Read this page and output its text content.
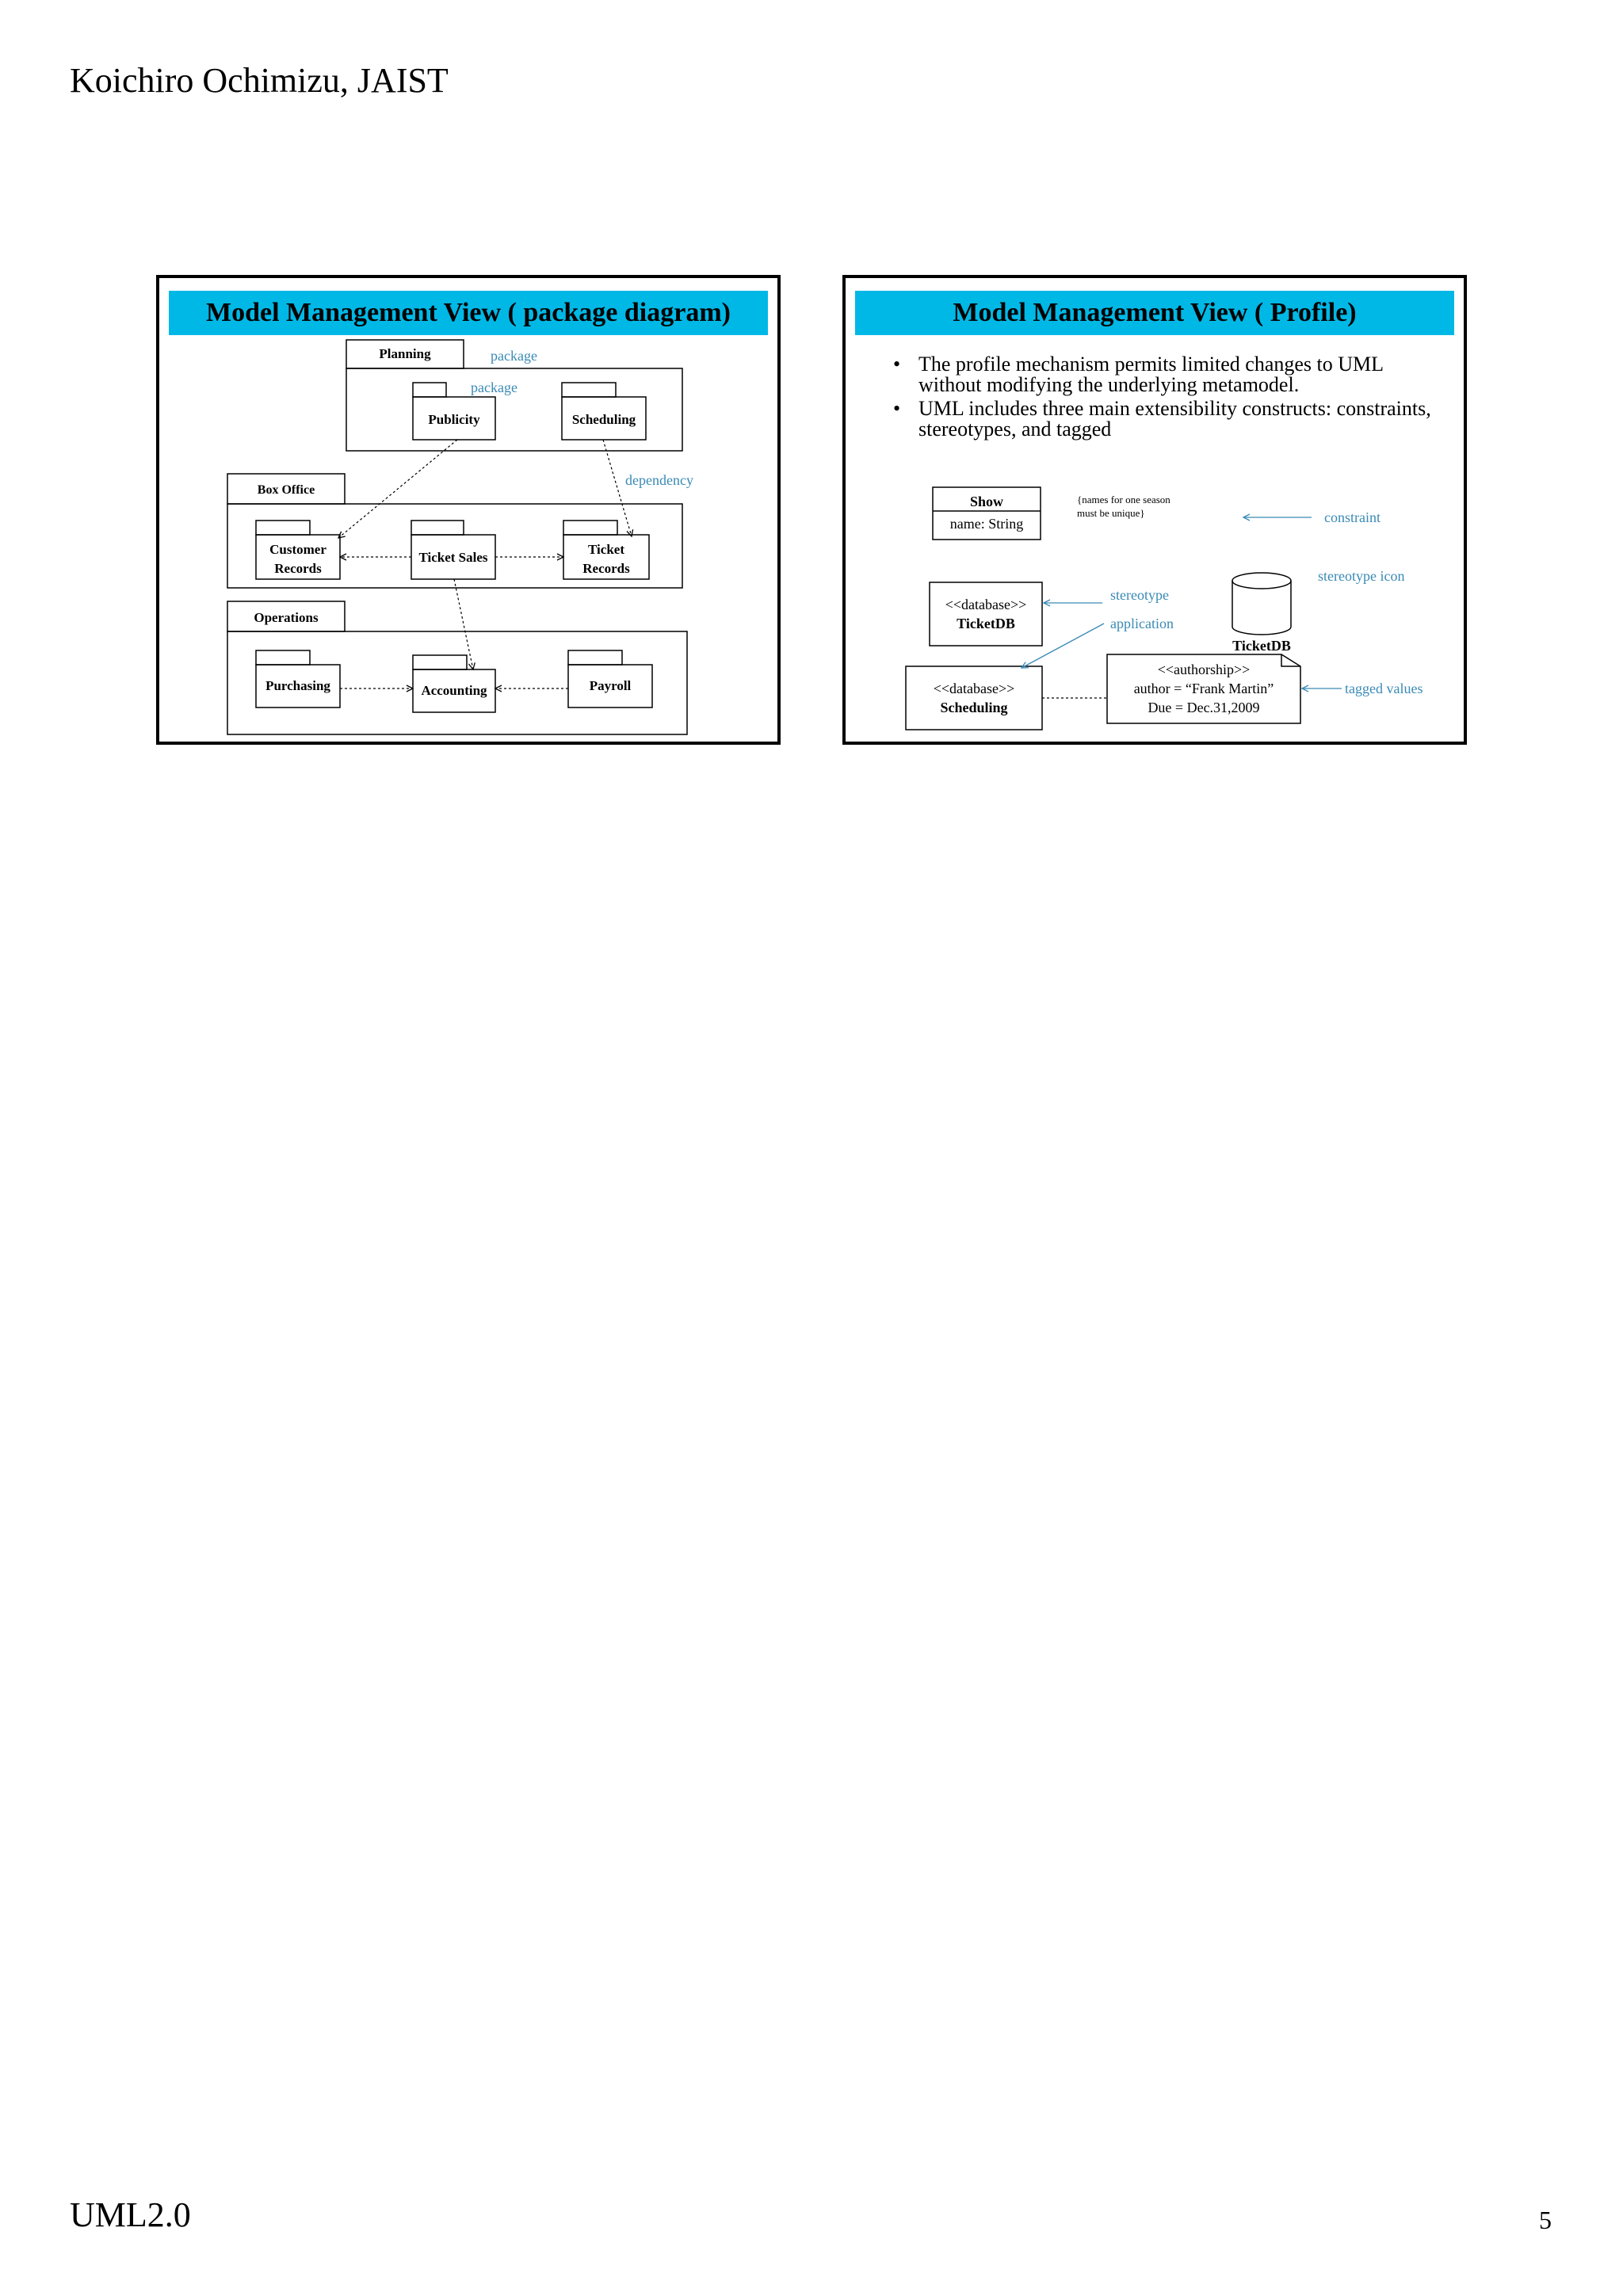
Koichiro Ochimizu, JAIST
Model Management View ( package diagram)
Planning
Publicity	Scheduling
Box Office
Customer
Records
Ticket Sales
Ticket
Records
Operations
Purchasing	Accounting	Payroll
package
package
dependency
Model Management View ( Profile)
• The profile mechanism permits limited changes to UML without modifying the underlying metamodel.
• UML includes three main extensibility constructs: constraints, stereotypes, and tagged
Show
name: String
<<database>>
TicketDB
<<database>>
Scheduling
TicketDB
<<authorship>>
author = “Frank Martin”
Due = Dec.31,2009
{names for one season
must be unique}	constraint
stereotype icon
stereotype
application
tagged values
UML2.0	5
